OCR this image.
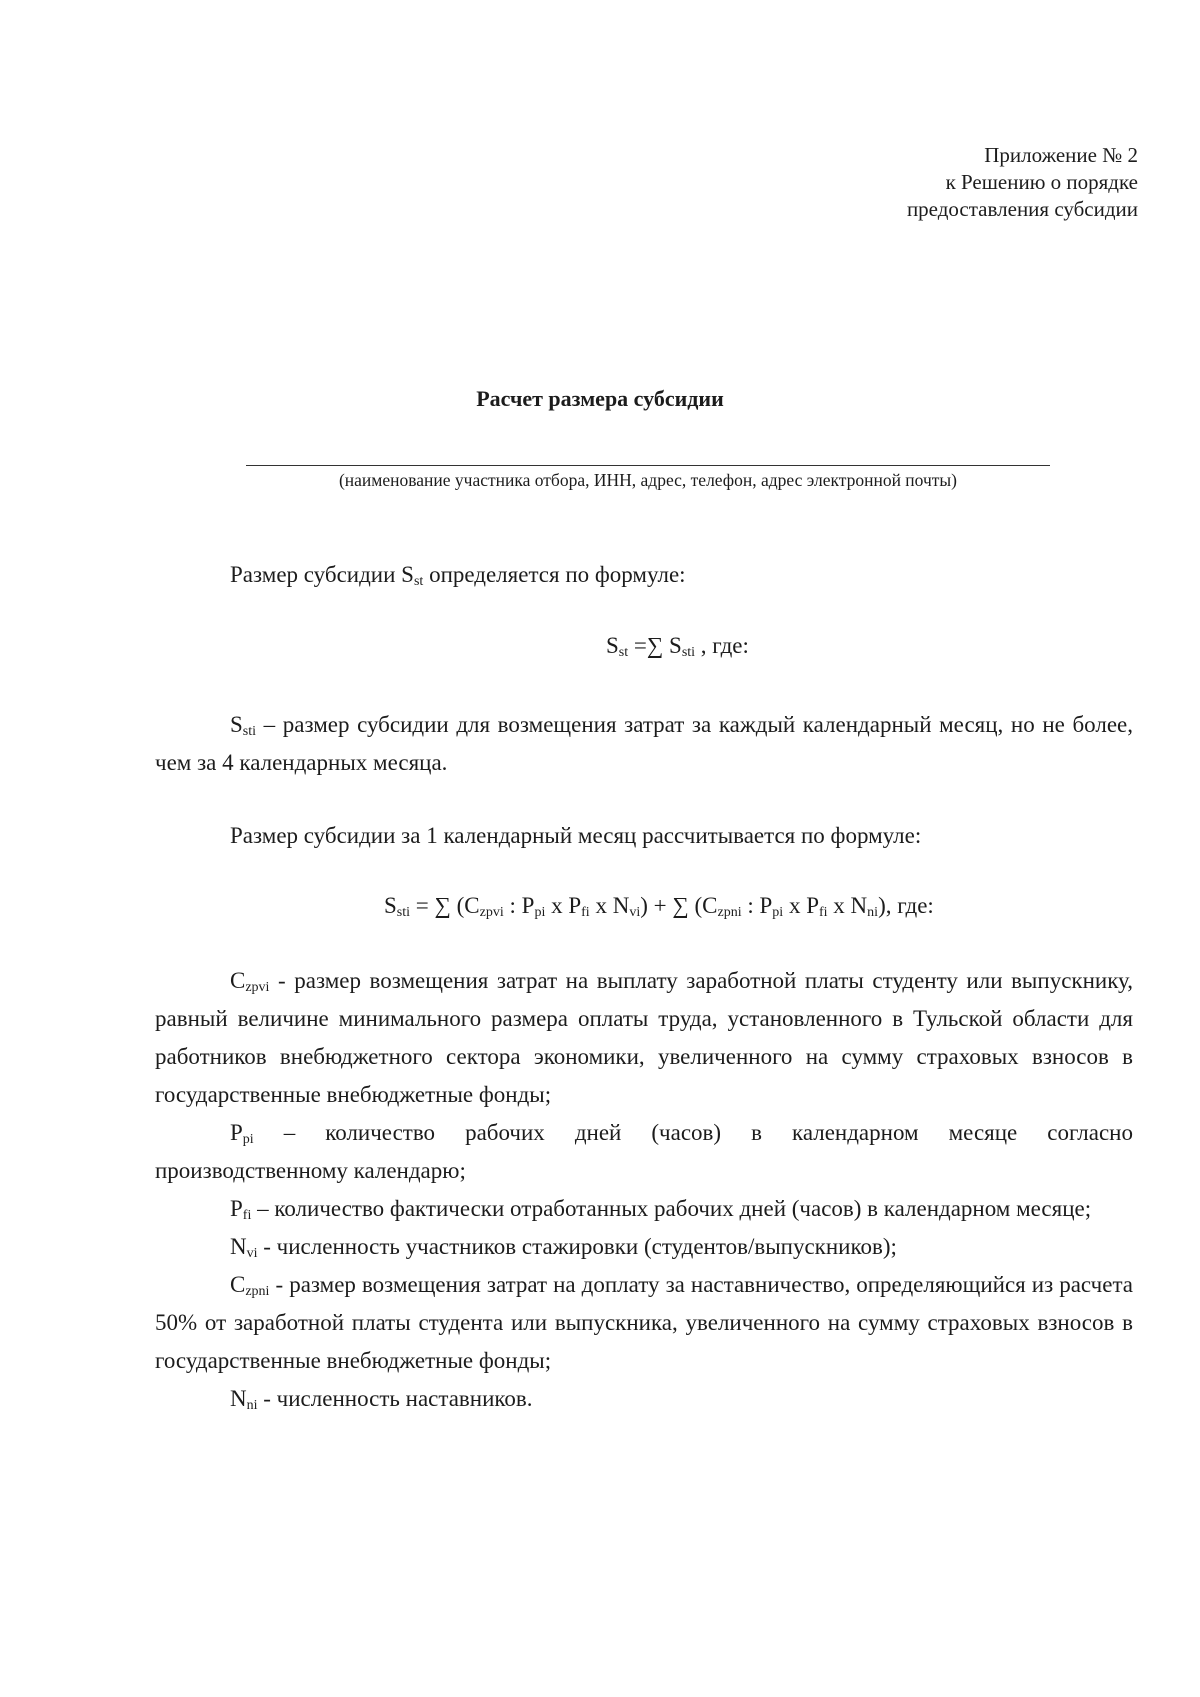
Приложение № 2
к Решению о порядке
предоставления субсидии
Расчет размера субсидии
(наименование участника отбора, ИНН, адрес, телефон, адрес электронной почты)
Размер субсидии $S_{st}$ определяется по формуле:
$S_{st}$ =∑ $S_{sti}$ , где:
$S_{sti}$ – размер субсидии для возмещения затрат за каждый календарный месяц, но не более, чем за 4 календарных месяца.
Размер субсидии за 1 календарный месяц рассчитывается по формуле:
$S_{sti}$ = ∑ ($C_{zpvi}$ : $P_{pi}$ x $P_{fi}$ x $N_{vi}$) + ∑ ($C_{zpni}$ : $P_{pi}$ x $P_{fi}$ x $N_{ni}$), где:

$C_{zpvi}$ - размер возмещения затрат на выплату заработной платы студенту или выпускнику, равный величине минимального размера оплаты труда, установленного в Тульской области для работников внебюджетного сектора экономики, увеличенного на сумму страховых взносов в государственные внебюджетные фонды;

$P_{pi}$ – количество рабочих дней (часов) в календарном месяце согласно
производственному календарю;

$P_{fi}$ – количество фактически отработанных рабочих дней (часов) в календарном месяце;

$N_{vi}$ - численность участников стажировки (студентов/выпускников);

$C_{zpni}$ - размер возмещения затрат на доплату за наставничество, определяющийся из расчета 50% от заработной платы студента или выпускника, увеличенного на сумму страховых взносов в государственные внебюджетные фонды;

$N_{ni}$ - численность наставников.
